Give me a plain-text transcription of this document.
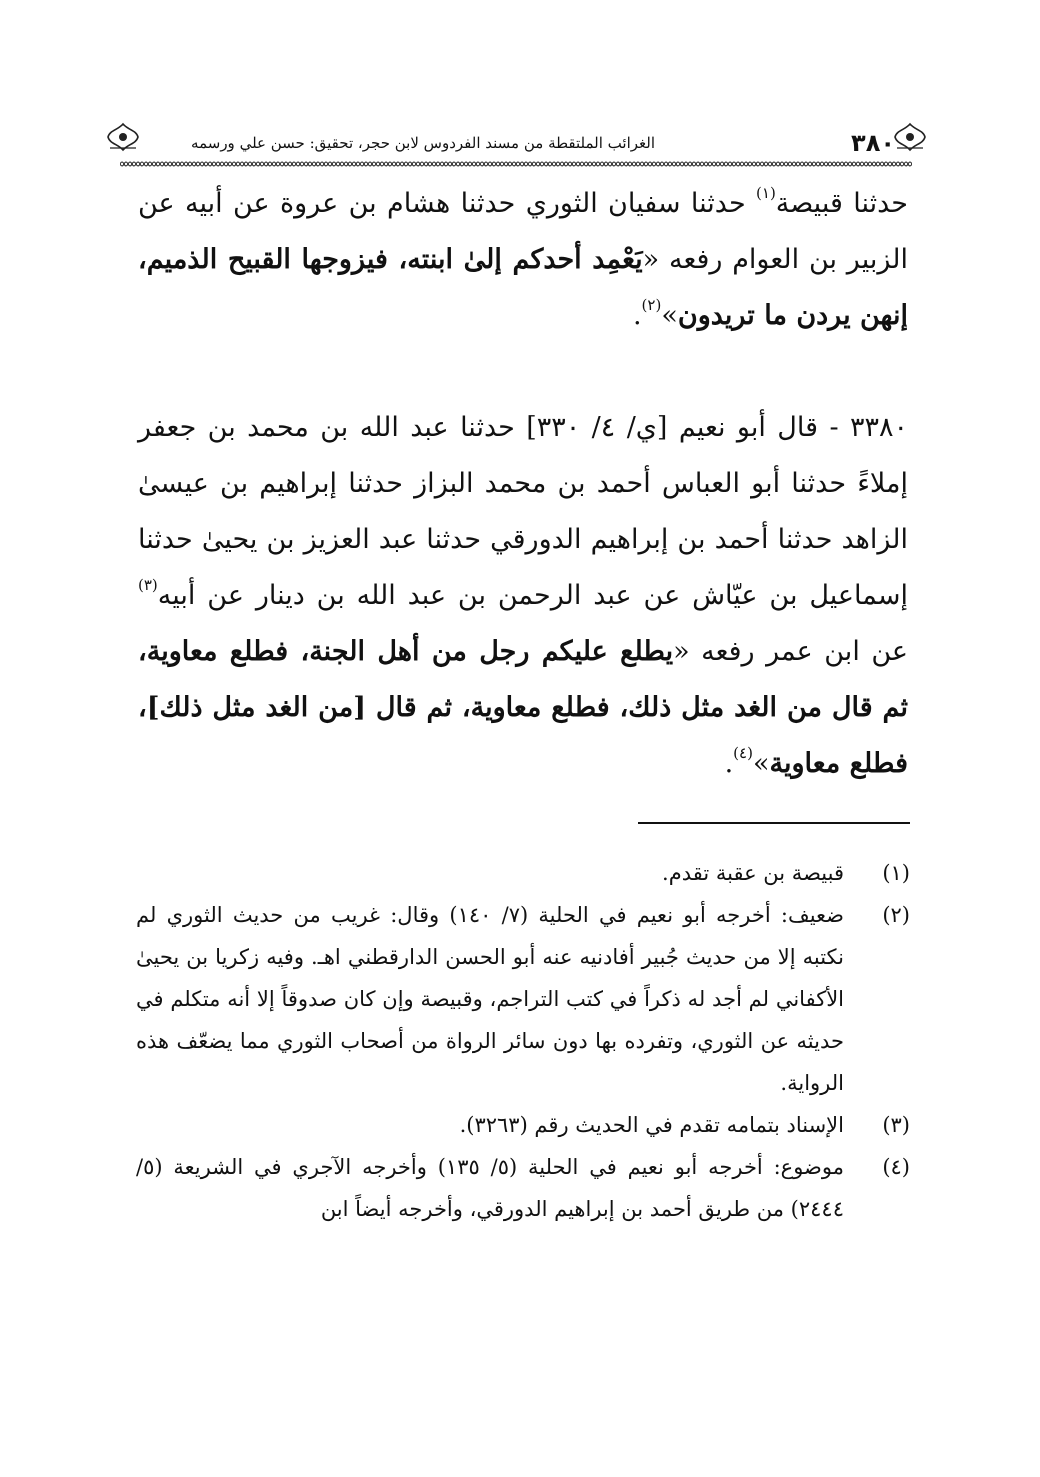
٣٨٠
الغرائب الملتقطة من مسند الفردوس لابن حجر، تحقيق: حسن علي ورسمه

حدثنا قبيصة$^{(١)}$ حدثنا سفيان الثوري حدثنا هشام بن عروة عن أبيه عن الزبير بن العوام رفعه «يَعْمِد أحدكم إلىٰ ابنته، فيزوجها القبيح الذميم، إنهن يردن ما تريدون»$^{(٢)}$.

٣٣٨٠ - قال أبو نعيم [ي/ ٤/ ٣٣٠] حدثنا عبد الله بن محمد بن جعفر إملاءً حدثنا أبو العباس أحمد بن محمد البزاز حدثنا إبراهيم بن عيسىٰ الزاهد حدثنا أحمد بن إبراهيم الدورقي حدثنا عبد العزيز بن يحيىٰ حدثنا إسماعيل بن عيّاش عن عبد الرحمن بن عبد الله بن دينار عن أبيه$^{(٣)}$ عن ابن عمر رفعه «يطلع عليكم رجل من أهل الجنة، فطلع معاوية، ثم قال من الغد مثل ذلك، فطلع معاوية، ثم قال [من الغد مثل ذلك]، فطلع معاوية»$^{(٤)}$.

(١)
قبيصة بن عقبة تقدم.
(٢)
ضعيف: أخرجه أبو نعيم في الحلية (٧/ ١٤٠) وقال: غريب من حديث الثوري لم نكتبه إلا من حديث جُبير أفادنيه عنه أبو الحسن الدارقطني اهـ. وفيه زكريا بن يحيىٰ الأكفاني لم أجد له ذكراً في كتب التراجم، وقبيصة وإن كان صدوقاً إلا أنه متكلم في حديثه عن الثوري، وتفرده بها دون سائر الرواة من أصحاب الثوري مما يضعّف هذه الرواية.
(٣)
الإسناد بتمامه تقدم في الحديث رقم (٣٢٦٣).
(٤)
موضوع: أخرجه أبو نعيم في الحلية (٥/ ١٣٥) وأخرجه الآجري في الشريعة (٥/ ٢٤٤٤) من طريق أحمد بن إبراهيم الدورقي، وأخرجه أيضاً ابن
